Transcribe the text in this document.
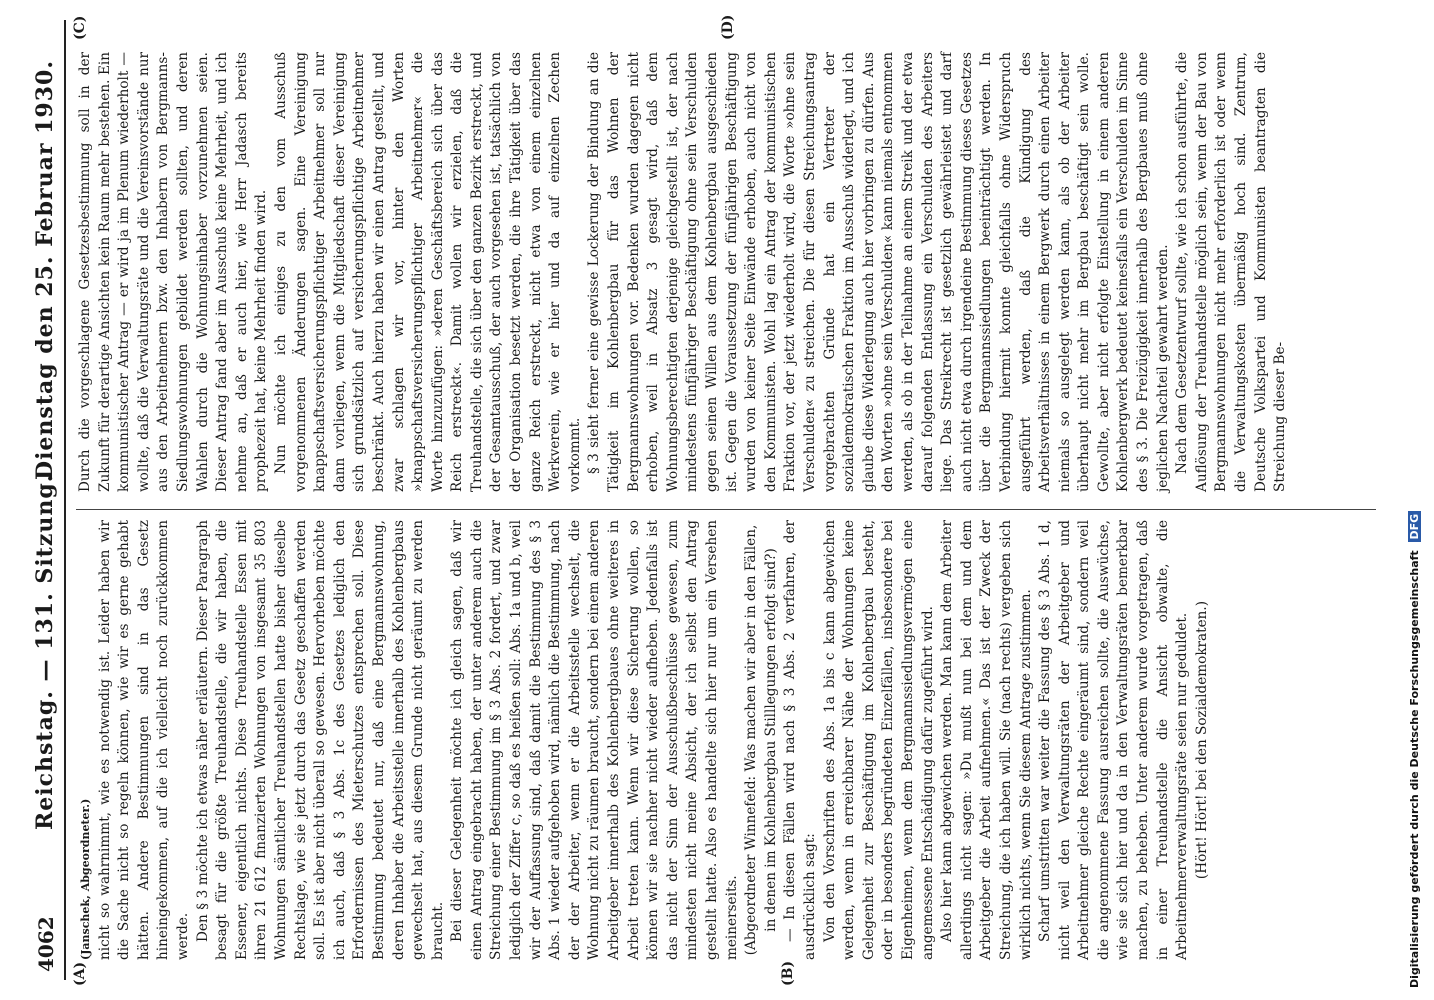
4062
Reichstag. — 131. Sitzung.
Dienstag den 25. Februar 1930.
(A)	(B)
(C)	(D)

(Janschek, Abgeordneter.) nicht so wahrnimmt, wie es notwendig ist. Leider haben wir die Sache nicht so regeln können, wie wir es gerne gehabt hätten. Andere Bestimmungen sind in das Gesetz hineingekommen, auf die ich vielleicht noch zurückkommen werde. Den § 3 möchte ich etwas näher erläutern. Dieser Paragraph besagt für die größte Treuhandstelle, die wir haben, die Essener, eigentlich nichts. Diese Treuhandstelle Essen mit ihren 21 612 finanzierten Wohnungen von insgesamt 35 803 Wohnungen sämtlicher Treuhandstellen hatte bisher dieselbe Rechtslage, wie sie jetzt durch das Gesetz geschaffen werden soll. Es ist aber nicht überall so gewesen. Hervorheben möchte ich auch, daß § 3 Abs. 1c des Gesetzes lediglich den Erfordernissen des Mieterschutzes entsprechen soll. Diese Bestimmung bedeutet nur, daß eine Bergmannswohnung, deren Inhaber die Arbeitsstelle innerhalb des Kohlenbergbaus gewechselt hat, aus diesem Grunde nicht geräumt zu werden braucht. Bei dieser Gelegenheit möchte ich gleich sagen, daß wir einen Antrag eingebracht haben, der unter anderem auch die Streichung einer Bestimmung im § 3 Abs. 2 fordert, und zwar lediglich der Ziffer c, so daß es heißen soll: Abs. 1a und b, weil wir der Auffassung sind, daß damit die Bestimmung des § 3 Abs. 1 wieder aufgehoben wird, nämlich die Bestimmung, nach der der Arbeiter, wenn er die Arbeitsstelle wechselt, die Wohnung nicht zu räumen braucht, sondern bei einem anderen Arbeitgeber innerhalb des Kohlenbergbaues ohne weiteres in Arbeit treten kann. Wenn wir diese Sicherung wollen, so können wir sie nachher nicht wieder aufheben. Jedenfalls ist das nicht der Sinn der Ausschußbeschlüsse gewesen, zum mindesten nicht meine Absicht, der ich selbst den Antrag gestellt hatte. Also es handelte sich hier nur um ein Versehen meinerseits. (Abgeordneter Winnefeld: Was machen wir aber in den Fällen, in denen im Kohlenbergbau Stilllegungen erfolgt sind?) — In diesen Fällen wird nach § 3 Abs. 2 verfahren, der ausdrücklich sagt: Von den Vorschriften des Abs. 1a bis c kann abgewichen werden, wenn in erreichbarer Nähe der Wohnungen keine Gelegenheit zur Beschäftigung im Kohlenbergbau besteht, oder in besonders begründeten Einzelfällen, insbesondere bei Eigenheimen, wenn dem Bergmannssiedlungsvermögen eine angemessene Entschädigung dafür zugeführt wird. Also hier kann abgewichen werden. Man kann dem Arbeiter allerdings nicht sagen: »Du mußt nun bei dem und dem Arbeitgeber die Arbeit aufnehmen.« Das ist der Zweck der Streichung, die ich haben will. Sie (nach rechts) vergeben sich wirklich nichts, wenn Sie diesem Antrage zustimmen. Scharf umstritten war weiter die Fassung des § 3 Abs. 1 d, nicht weil den Verwaltungsräten der Arbeitgeber und Arbeitnehmer gleiche Rechte eingeräumt sind, sondern weil die angenommene Fassung ausreichen sollte, die Auswüchse, wie sie sich hier und da in den Verwaltungsräten bemerkbar machen, zu beheben. Unter anderem wurde vorgetragen, daß in einer Treuhandstelle die Ansicht obwalte, die Arbeitnehmerverwaltungsräte seien nur geduldet. (Hört! Hört! bei den Sozialdemokraten.)

Durch die vorgeschlagene Gesetzesbestimmung soll in der Zukunft für derartige Ansichten kein Raum mehr bestehen. Ein kommunistischer Antrag — er wird ja im Plenum wiederholt — wollte, daß die Verwaltungsräte und die Vereinsvorstände nur aus den Arbeitnehmern bzw. den Inhabern von Bergmanns-Siedlungswohnungen gebildet werden sollten, und deren Wahlen durch die Wohnungsinhaber vorzunehmen seien. Dieser Antrag fand aber im Ausschuß keine Mehrheit, und ich nehme an, daß er auch hier, wie Herr Jadasch bereits prophezeit hat, keine Mehrheit finden wird. Nun möchte ich einiges zu den vom Ausschuß vorgenommenen Änderungen sagen. Eine Vereinigung knappschaftsversicherungspflichtiger Arbeitnehmer soll nur dann vorliegen, wenn die Mitgliedschaft dieser Vereinigung sich grundsätzlich auf versicherungspflichtige Arbeitnehmer beschränkt. Auch hierzu haben wir einen Antrag gestellt, und zwar schlagen wir vor, hinter den Worten »knappschaftsversicherungspflichtiger Arbeitnehmer« die Worte hinzuzufügen: »deren Geschäftsbereich sich über das Reich erstreckt«. Damit wollen wir erzielen, daß die Treuhandstelle, die sich über den ganzen Bezirk erstreckt, und der Gesamtausschuß, der auch vorgesehen ist, tatsächlich von der Organisation besetzt werden, die ihre Tätigkeit über das ganze Reich erstreckt, nicht etwa von einem einzelnen Werkverein, wie er hier und da auf einzelnen Zechen vorkommt. § 3 sieht ferner eine gewisse Lockerung der Bindung an die Tätigkeit im Kohlenbergbau für das Wohnen der Bergmannswohnungen vor. Bedenken wurden dagegen nicht erhoben, weil in Absatz 3 gesagt wird, daß dem Wohnungsberechtigten derjenige gleichgestellt ist, der nach mindestens fünfjähriger Beschäftigung ohne sein Verschulden gegen seinen Willen aus dem Kohlenbergbau ausgeschieden ist. Gegen die Voraussetzung der fünfjährigen Beschäftigung wurden von keiner Seite Einwände erhoben, auch nicht von den Kommunisten. Wohl lag ein Antrag der kommunistischen Fraktion vor, der jetzt wiederholt wird, die Worte »ohne sein Verschulden« zu streichen. Die für diesen Streichungsantrag vorgebrachten Gründe hat ein Vertreter der sozialdemokratischen Fraktion im Ausschuß widerlegt, und ich glaube diese Widerlegung auch hier vorbringen zu dürfen. Aus den Worten »ohne sein Verschulden« kann niemals entnommen werden, als ob in der Teilnahme an einem Streik und der etwa darauf folgenden Entlassung ein Verschulden des Arbeiters liege. Das Streikrecht ist gesetzlich gewährleistet und darf auch nicht etwa durch irgendeine Bestimmung dieses Gesetzes über die Bergmannssiedlungen beeinträchtigt werden. In Verbindung hiermit konnte gleichfalls ohne Widerspruch ausgeführt werden, daß die Kündigung des Arbeitsverhältnisses in einem Bergwerk durch einen Arbeiter niemals so ausgelegt werden kann, als ob der Arbeiter überhaupt nicht mehr im Bergbau beschäftigt sein wolle. Gewollte, aber nicht erfolgte Einstellung in einem anderen Kohlenbergwerk bedeutet keinesfalls ein Verschulden im Sinne des § 3. Die Freizügigkeit innerhalb des Bergbaues muß ohne jeglichen Nachteil gewahrt werden. Nach dem Gesetzentwurf sollte, wie ich schon ausführte, die Auflösung der Treuhandstelle möglich sein, wenn der Bau von Bergmannswohnungen nicht mehr erforderlich ist oder wenn die Verwaltungskosten übermäßig hoch sind. Zentrum, Deutsche Volkspartei und Kommunisten beantragten die Streichung dieser Be-

Digitalisierung gefördert durch die Deutsche Forschungsgemeinschaft DFG
